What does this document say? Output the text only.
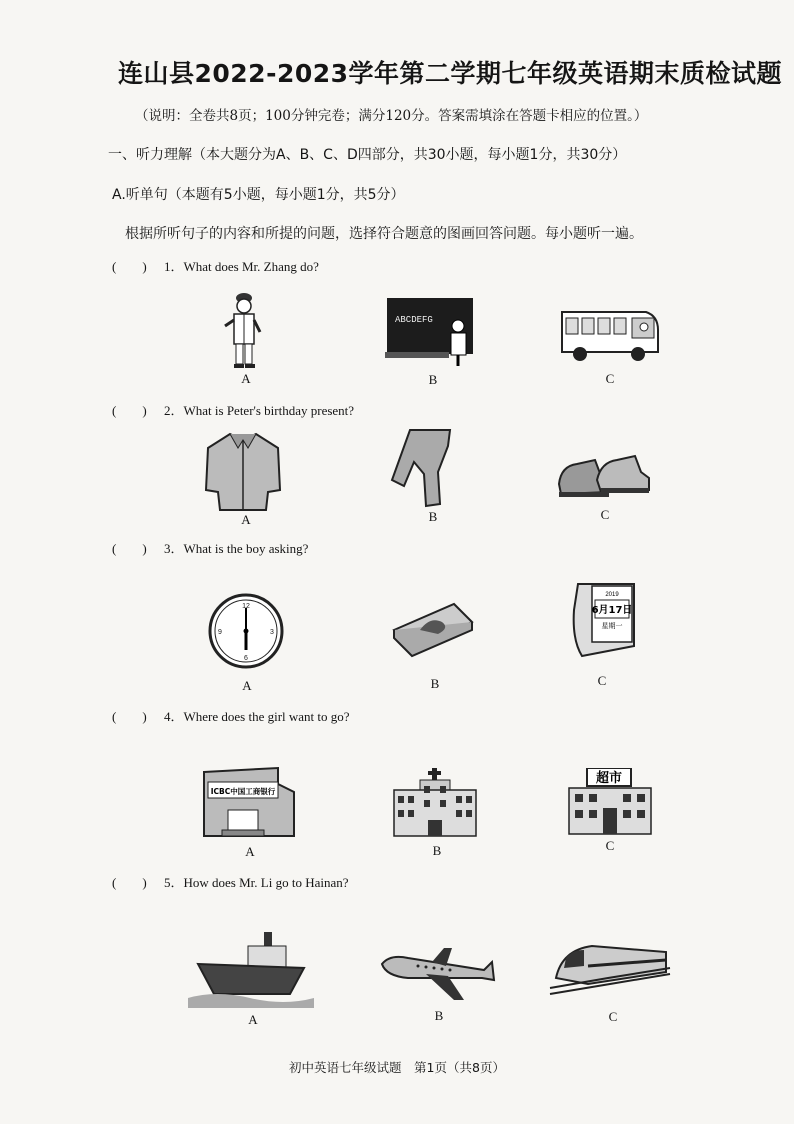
连山县2022-2023学年第二学期七年级英语期末质检试题
（说明：全卷共8页；100分钟完卷；满分120分。答案需填涂在答题卡相应的位置。）
一、听力理解（本大题分为A、B、C、D四部分，共30小题，每小题1分，共30分）
A.听单句（本题有5小题，每小题1分，共5分）
根据所听句子的内容和所提的问题，选择符合题意的图画回答问题。每小题听一遍。
(　　) 1．What does Mr. Zhang do?
ABCDEFG
A	B	C
(　　) 2．What is Peter's birthday present?
A	B	C
(　　) 3．What is the boy asking?
12
3
6
9
2019
6月17日
星期一
A	B	C
(　　) 4．Where does the girl want to go?
ICBC中国工商银行
超市
A	B	C
(　　) 5．How does Mr. Li go to Hainan?
A	B	C
初中英语七年级试题　第1页（共8页）
